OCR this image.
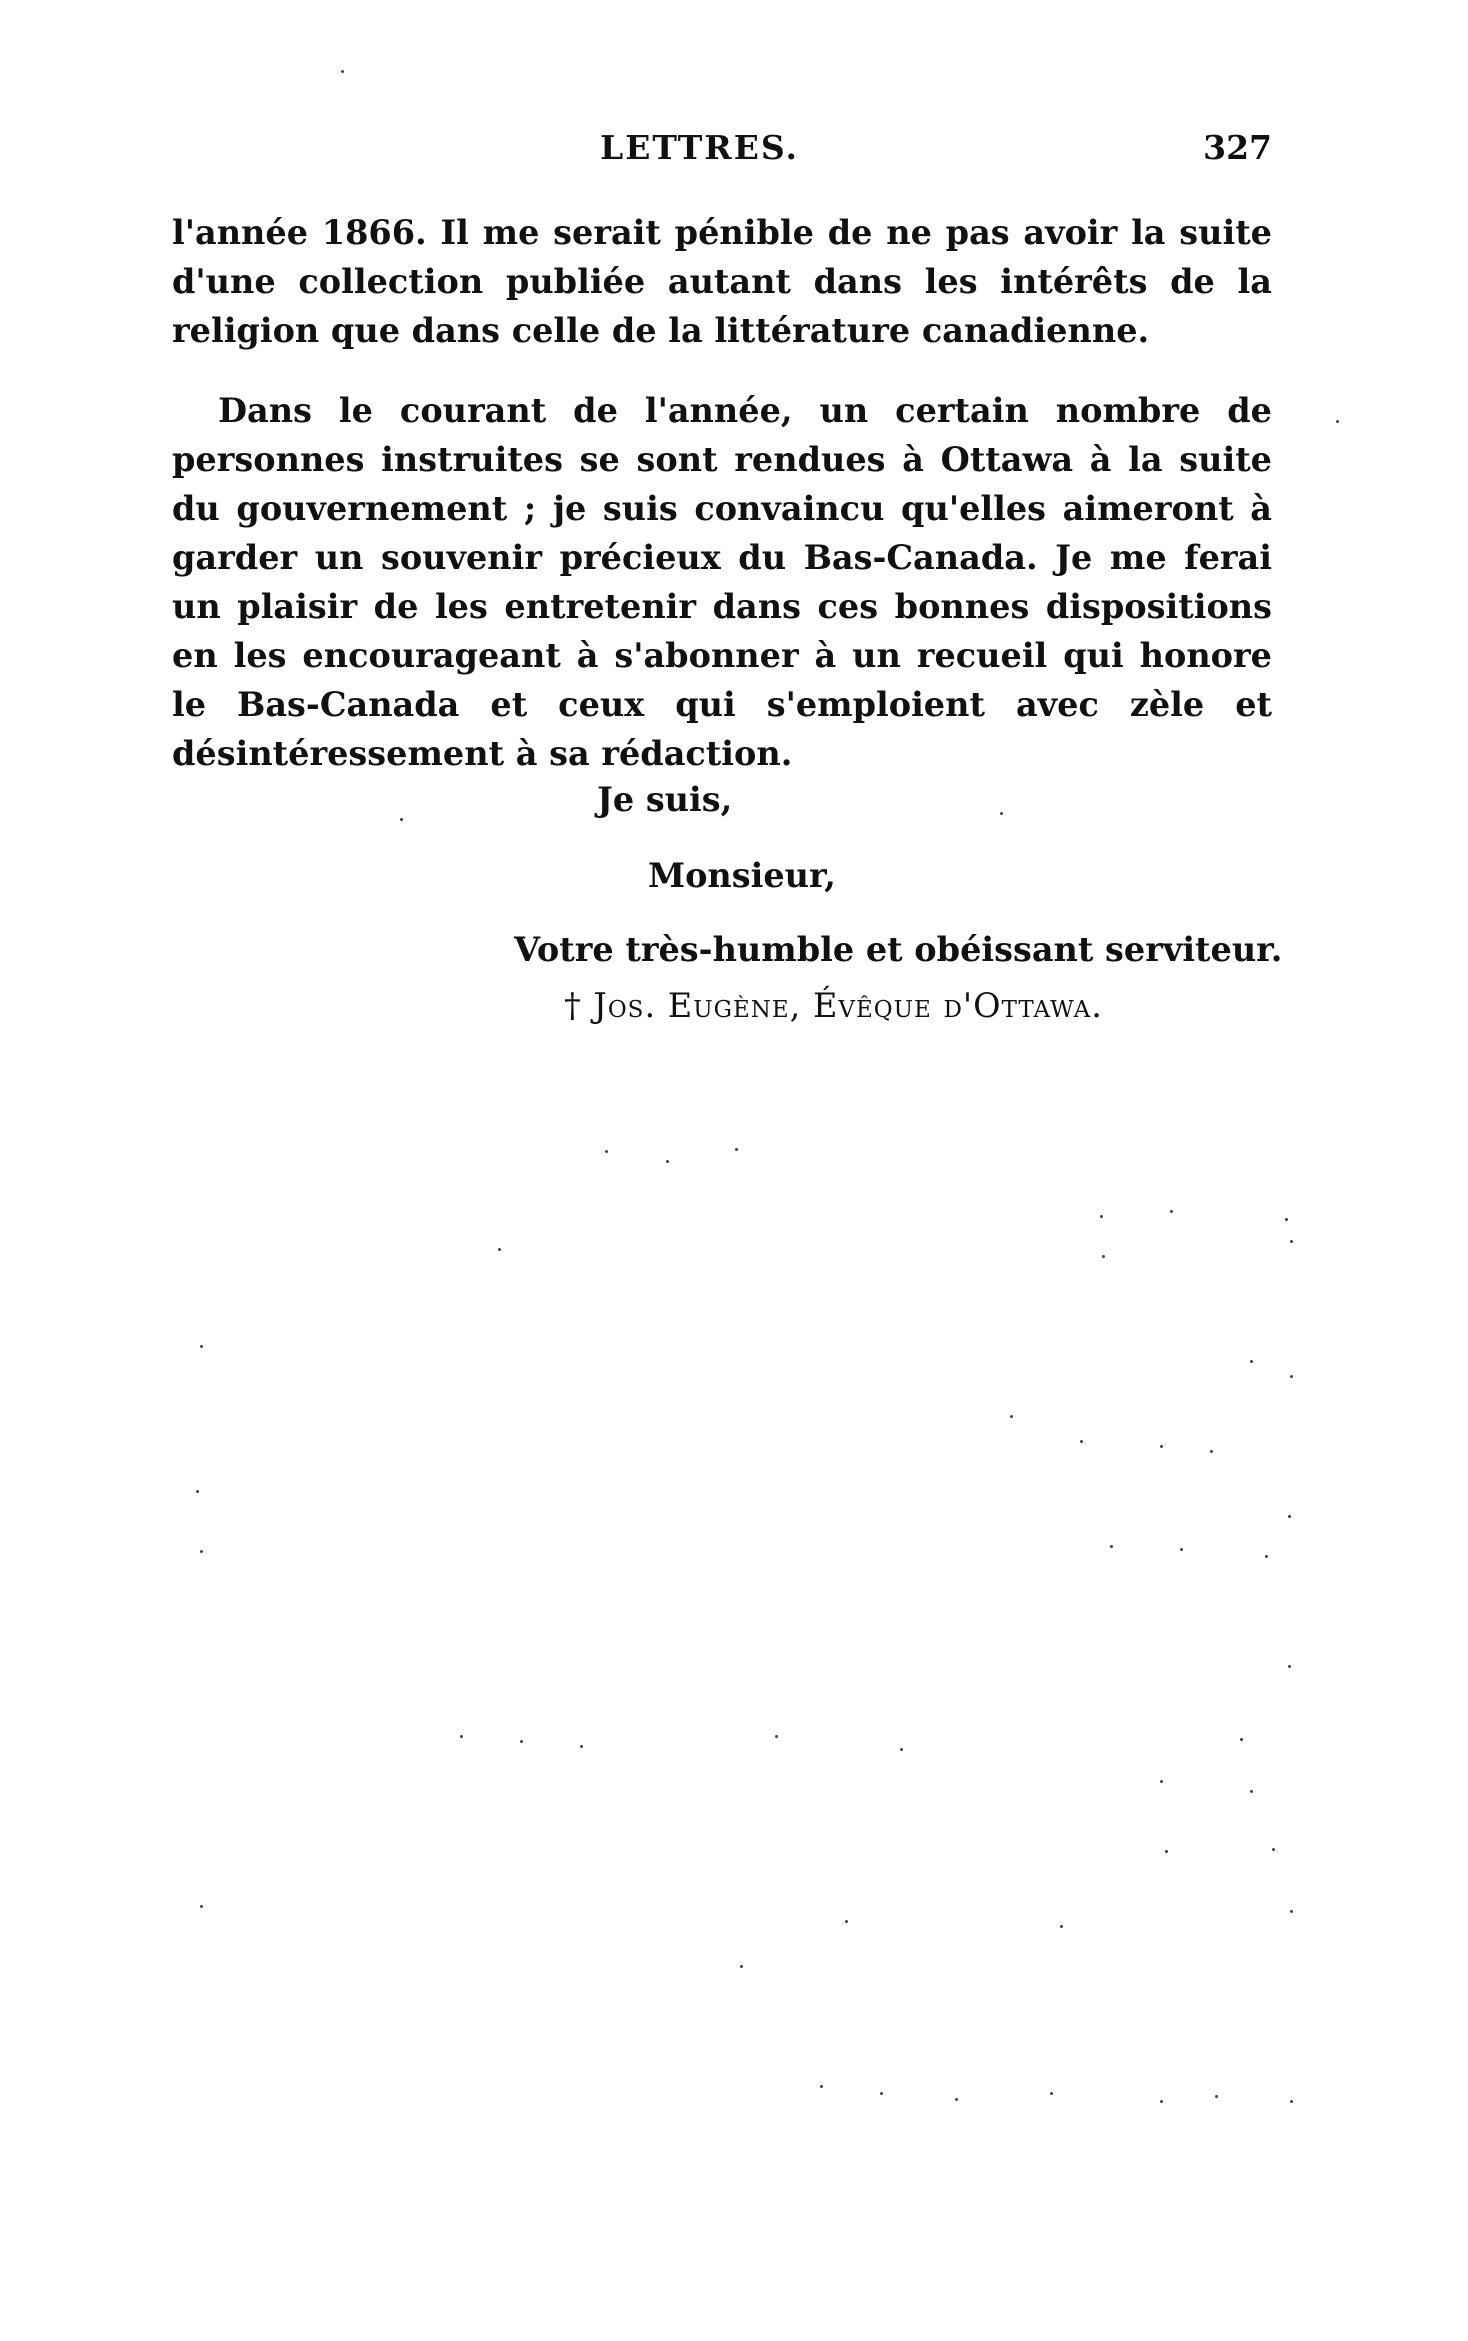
LETTRES.	327

l'année 1866. Il me serait pénible de ne pas avoir la suite d'une collection publiée autant dans les intérêts de la religion que dans celle de la littérature canadienne.

Dans le courant de l'année, un certain nombre de personnes instruites se sont rendues à Ottawa à la suite du gouvernement ; je suis convaincu qu'elles aimeront à garder un souvenir précieux du Bas-Canada. Je me ferai un plaisir de les entretenir dans ces bonnes dispositions en les encourageant à s'abonner à un recueil qui honore le Bas-Canada et ceux qui s'emploient avec zèle et désintéressement à sa rédaction.

Je suis,
Monsieur,
Votre très-humble et obéissant serviteur.
† Jos. Eugène, Évêque d'Ottawa.
